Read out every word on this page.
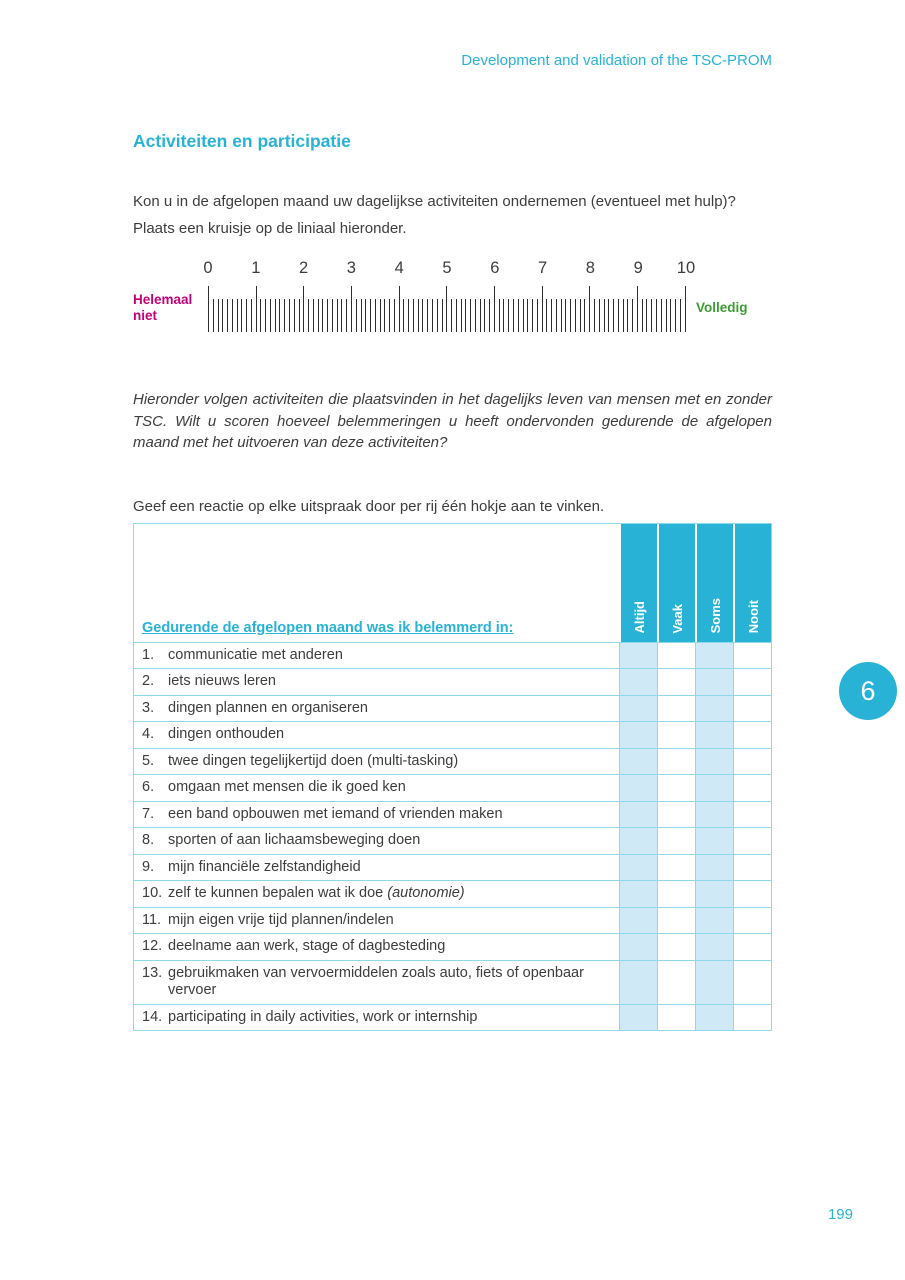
Development and validation of the TSC-PROM
Activiteiten en participatie

Kon u in de afgelopen maand uw dagelijkse activiteiten ondernemen (eventueel met hulp)?

Plaats een kruisje op de liniaal hieronder.

Helemaal niet
0 1 2 3 4 5 6 7 8 9 10
Volledig

Hieronder volgen activiteiten die plaatsvinden in het dagelijks leven van mensen met en zonder TSC. Wilt u scoren hoeveel belemmeringen u heeft ondervonden gedurende de afgelopen maand met het uitvoeren van deze activiteiten?

Geef een reactie op elke uitspraak door per rij één hokje aan te vinken.

Gedurende de afgelopen maand was ik belemmerd in:	Altijd Vaak Soms Nooit
1. communicatie met anderen
2. iets nieuws leren
3. dingen plannen en organiseren
4. dingen onthouden
5. twee dingen tegelijkertijd doen (multi-tasking)
6. omgaan met mensen die ik goed ken
7. een band opbouwen met iemand of vrienden maken
8. sporten of aan lichaamsbeweging doen
9. mijn financiële zelfstandigheid
10. zelf te kunnen bepalen wat ik doe (autonomie)
11. mijn eigen vrije tijd plannen/indelen
12. deelname aan werk, stage of dagbesteding
13. gebruikmaken van vervoermiddelen zoals auto, fiets of openbaar vervoer
14. participating in daily activities, work or internship
6
199
